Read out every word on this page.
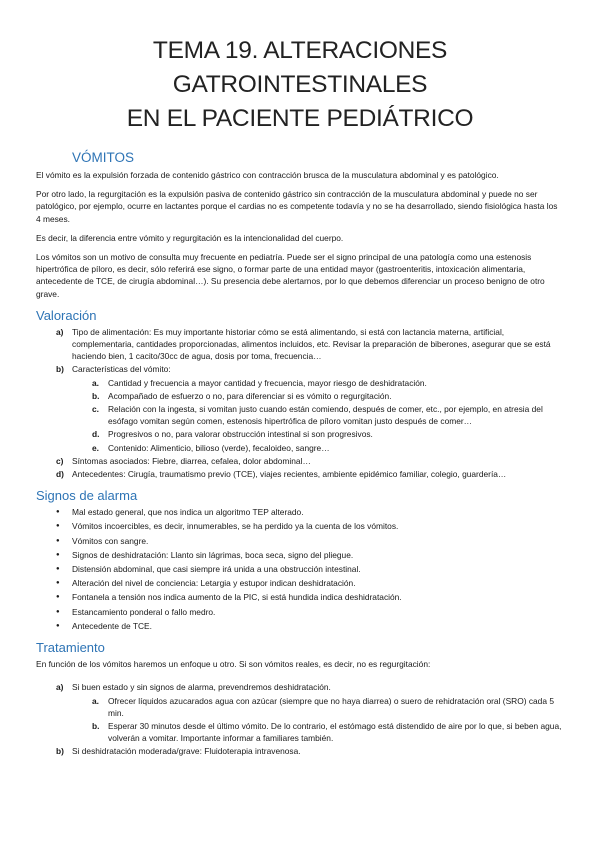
TEMA 19. ALTERACIONES GATROINTESTINALES
EN EL PACIENTE PEDIÁTRICO
VÓMITOS

El vómito es la expulsión forzada de contenido gástrico con contracción brusca de la musculatura abdominal y es patológico.

Por otro lado, la regurgitación es la expulsión pasiva de contenido gástrico sin contracción de la musculatura abdominal y puede no ser patológico, por ejemplo, ocurre en lactantes porque el cardias no es competente todavía y no se ha desarrollado, siendo fisiológica hasta los 4 meses.

Es decir, la diferencia entre vómito y regurgitación es la intencionalidad del cuerpo.

Los vómitos son un motivo de consulta muy frecuente en pediatría. Puede ser el signo principal de una patología como una estenosis hipertrófica de píloro, es decir, sólo referirá ese signo, o formar parte de una entidad mayor (gastroenteritis, intoxicación alimentaria, antecedente de TCE, de cirugía abdominal…). Su presencia debe alertarnos, por lo que debemos diferenciar un proceso benigno de otro grave.

Valoración
a) Tipo de alimentación: Es muy importante historiar cómo se está alimentando, si está con lactancia materna, artificial, complementaria, cantidades proporcionadas, alimentos incluidos, etc. Revisar la preparación de biberones, asegurar que se está haciendo bien, 1 cacito/30cc de agua, dosis por toma, frecuencia…
b) Características del vómito:
a. Cantidad y frecuencia a mayor cantidad y frecuencia, mayor riesgo de deshidratación.
b. Acompañado de esfuerzo o no, para diferenciar si es vómito o regurgitación.
c. Relación con la ingesta, si vomitan justo cuando están comiendo, después de comer, etc., por ejemplo, en atresia del esófago vomitan según comen, estenosis hipertrófica de píloro vomitan justo después de comer…
d. Progresivos o no, para valorar obstrucción intestinal si son progresivos.
e. Contenido: Alimenticio, bilioso (verde), fecaloideo, sangre…
c) Síntomas asociados: Fiebre, diarrea, cefalea, dolor abdominal…
d) Antecedentes: Cirugía, traumatismo previo (TCE), viajes recientes, ambiente epidémico familiar, colegio, guardería…
Signos de alarma
● Mal estado general, que nos indica un algoritmo TEP alterado.
● Vómitos incoercibles, es decir, innumerables, se ha perdido ya la cuenta de los vómitos.
● Vómitos con sangre.
● Signos de deshidratación: Llanto sin lágrimas, boca seca, signo del pliegue.
● Distensión abdominal, que casi siempre irá unida a una obstrucción intestinal.
● Alteración del nivel de conciencia: Letargia y estupor indican deshidratación.
● Fontanela a tensión nos indica aumento de la PIC, si está hundida indica deshidratación.
● Estancamiento ponderal o fallo medro.
● Antecedente de TCE.
Tratamiento

En función de los vómitos haremos un enfoque u otro. Si son vómitos reales, es decir, no es regurgitación:

a) Si buen estado y sin signos de alarma, prevendremos deshidratación.
a. Ofrecer líquidos azucarados agua con azúcar (siempre que no haya diarrea) o suero de rehidratación oral (SRO) cada 5 min.
b. Esperar 30 minutos desde el último vómito. De lo contrario, el estómago está distendido de aire por lo que, si beben agua, volverán a vomitar. Importante informar a familiares también.
b) Si deshidratación moderada/grave: Fluidoterapia intravenosa.
